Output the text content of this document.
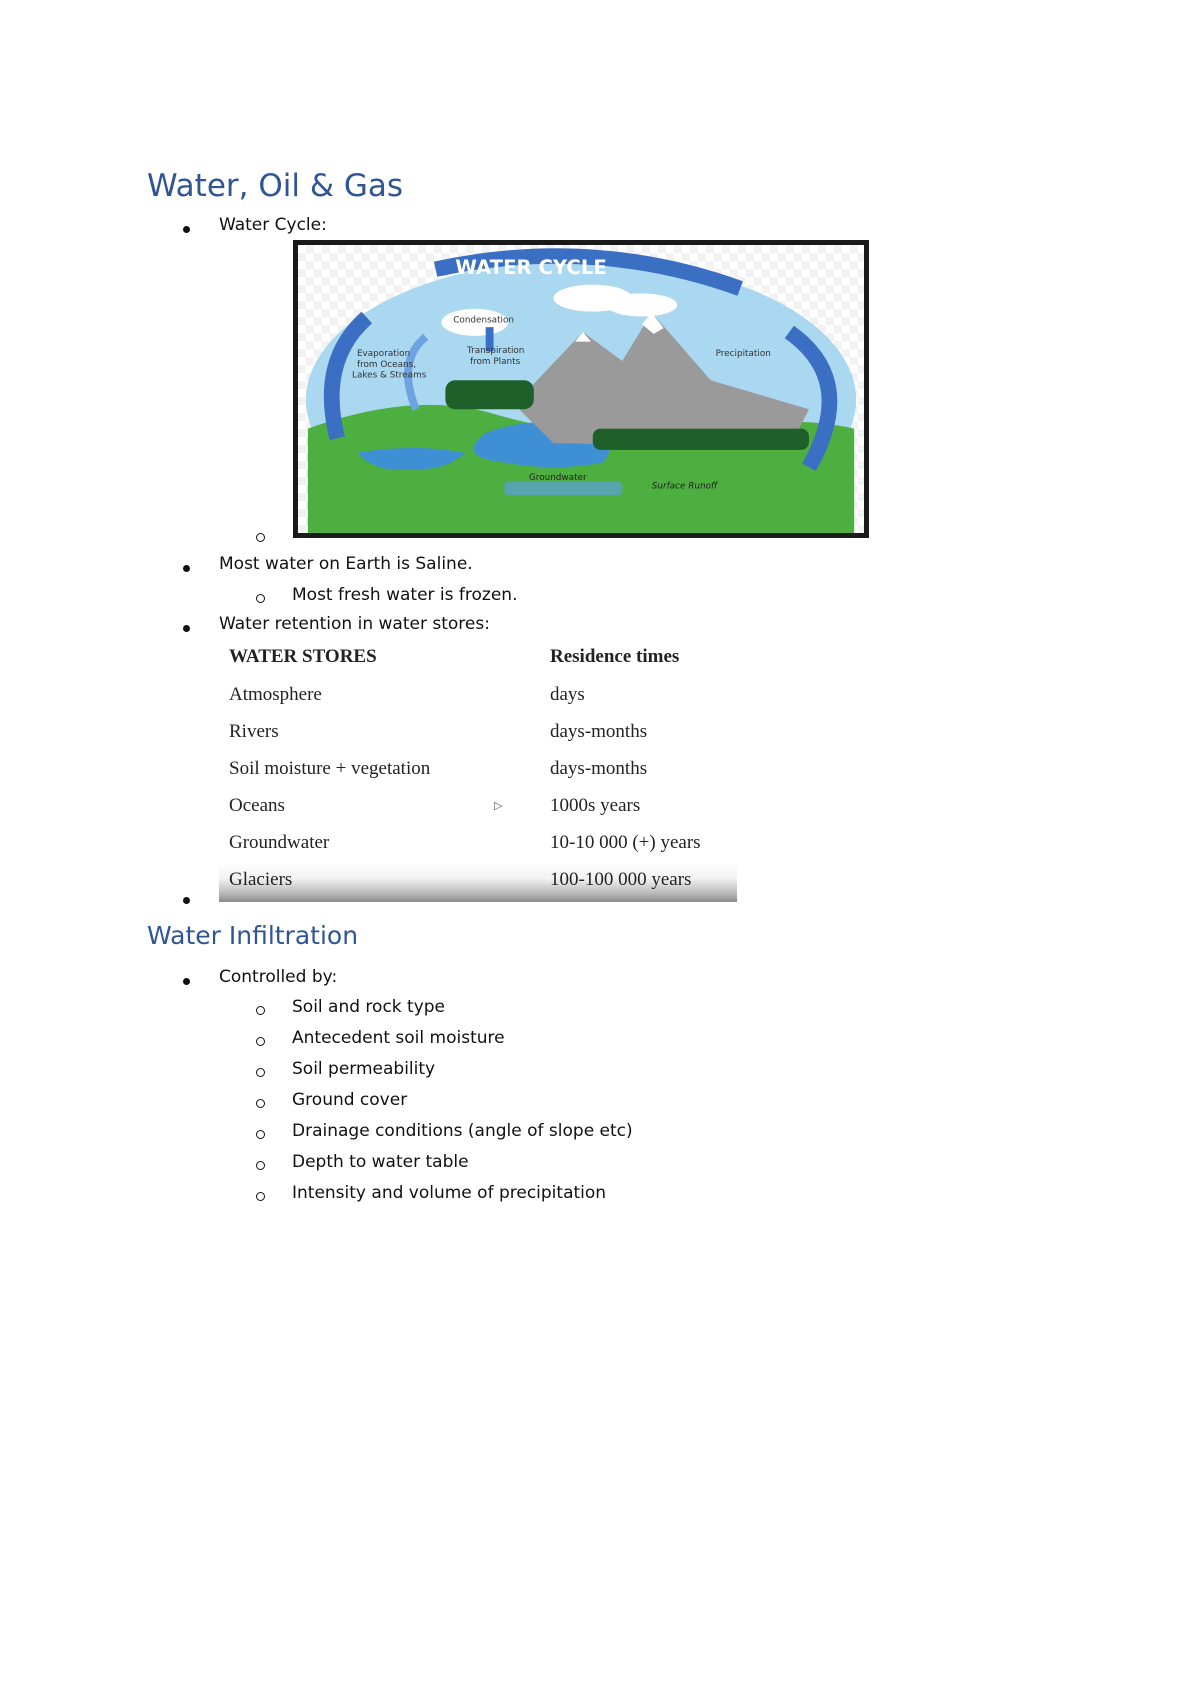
Water, Oil & Gas
Water Cycle:
WATER CYCLE
Condensation
Evaporation
from Oceans,
Lakes & Streams
Transpiration
from Plants
Precipitation
Groundwater
Surface Runoff
Most water on Earth is Saline.
Most fresh water is frozen.
Water retention in water stores:
WATER STORES	Residence times
Atmosphere	days
Rivers	days-months
Soil moisture + vegetation	days-months
Oceans	1000s years
Groundwater	10-10 000 (+) years
Glaciers	100-100 000 years
▷
Water Infiltration
Controlled by:
Soil and rock type
Antecedent soil moisture
Soil permeability
Ground cover
Drainage conditions (angle of slope etc)
Depth to water table
Intensity and volume of precipitation
